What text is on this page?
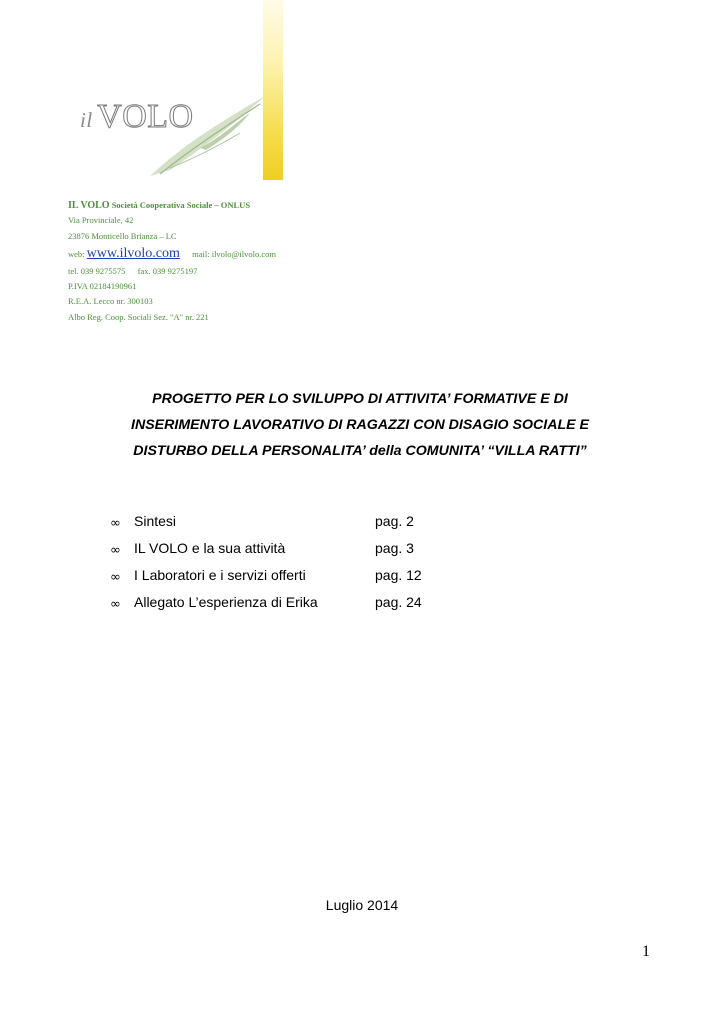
il VOLO
IL VOLO Società Cooperativa Sociale – ONLUS
Via Provinciale, 42
23876 Monticello Brianza – LC
web: www.ilvolo.com mail: ilvolo@ilvolo.com
tel. 039 9275575 fax. 039 9275197
P.IVA 02184190961
R.E.A. Lecco nr. 300103
Albo Reg. Coop. Sociali Sez. "A" nr. 221
PROGETTO PER LO SVILUPPO DI ATTIVITA’ FORMATIVE E DI
INSERIMENTO LAVORATIVO DI RAGAZZI CON DISAGIO SOCIALE E
DISTURBO DELLA PERSONALITA’ della COMUNITA’ “VILLA RATTI”
∞ Sintesi	pag. 2
∞ IL VOLO e la sua attività	pag. 3
∞ I Laboratori e i servizi offerti	pag. 12
∞ Allegato L’esperienza di Erika	pag. 24
Luglio 2014
1
